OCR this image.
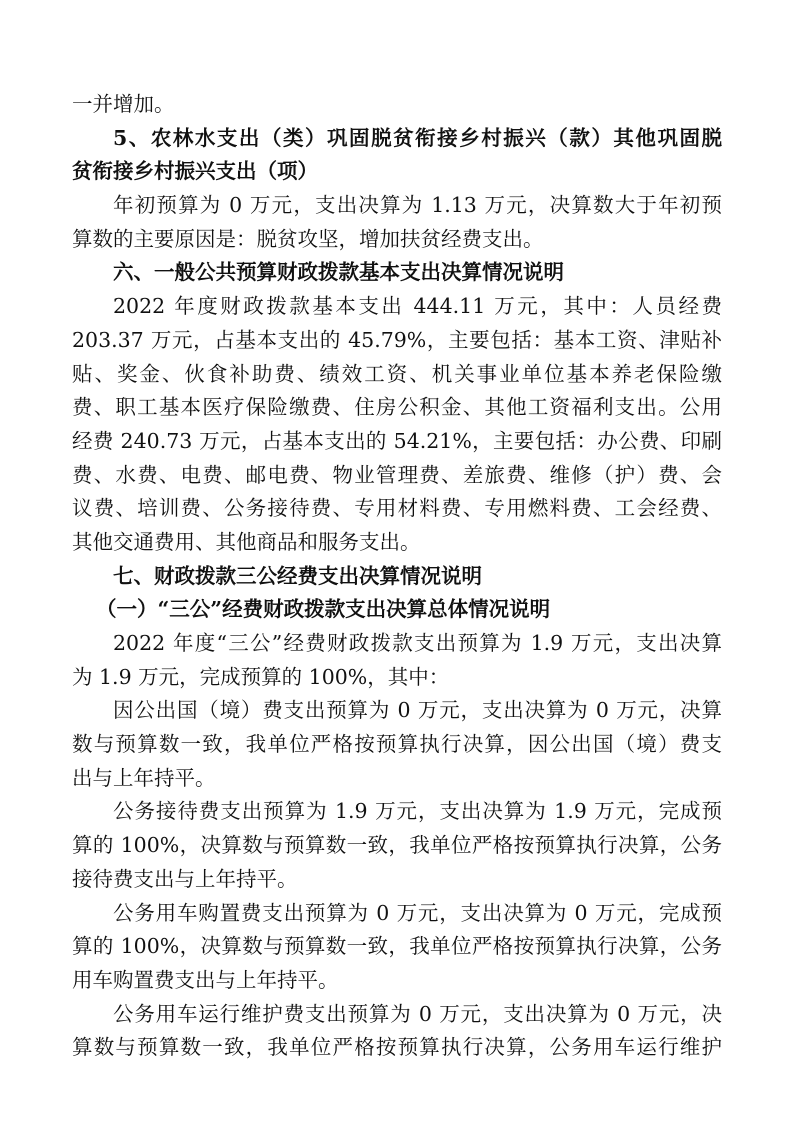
一并增加。
5、农林水支出（类）巩固脱贫衔接乡村振兴（款）其他巩固脱
贫衔接乡村振兴支出（项）
年初预算为 0 万元，支出决算为 1.13 万元，决算数大于年初预
算数的主要原因是：脱贫攻坚，增加扶贫经费支出。
六、一般公共预算财政拨款基本支出决算情况说明
2022 年度财政拨款基本支出 444.11 万元，其中：人员经费
203.37 万元，占基本支出的 45.79%，主要包括：基本工资、津贴补
贴、奖金、伙食补助费、绩效工资、机关事业单位基本养老保险缴
费、职工基本医疗保险缴费、住房公积金、其他工资福利支出。公用
经费 240.73 万元，占基本支出的 54.21%，主要包括：办公费、印刷
费、水费、电费、邮电费、物业管理费、差旅费、维修（护）费、会
议费、培训费、公务接待费、专用材料费、专用燃料费、工会经费、
其他交通费用、其他商品和服务支出。
七、财政拨款三公经费支出决算情况说明
（一）“三公”经费财政拨款支出决算总体情况说明
2022 年度“三公”经费财政拨款支出预算为 1.9 万元，支出决算
为 1.9 万元，完成预算的 100%，其中：
因公出国（境）费支出预算为 0 万元，支出决算为 0 万元，决算
数与预算数一致，我单位严格按预算执行决算，因公出国（境）费支
出与上年持平。
公务接待费支出预算为 1.9 万元，支出决算为 1.9 万元，完成预
算的 100%，决算数与预算数一致，我单位严格按预算执行决算，公务
接待费支出与上年持平。
公务用车购置费支出预算为 0 万元，支出决算为 0 万元，完成预
算的 100%，决算数与预算数一致，我单位严格按预算执行决算，公务
用车购置费支出与上年持平。
公务用车运行维护费支出预算为 0 万元，支出决算为 0 万元，决
算数与预算数一致，我单位严格按预算执行决算，公务用车运行维护
